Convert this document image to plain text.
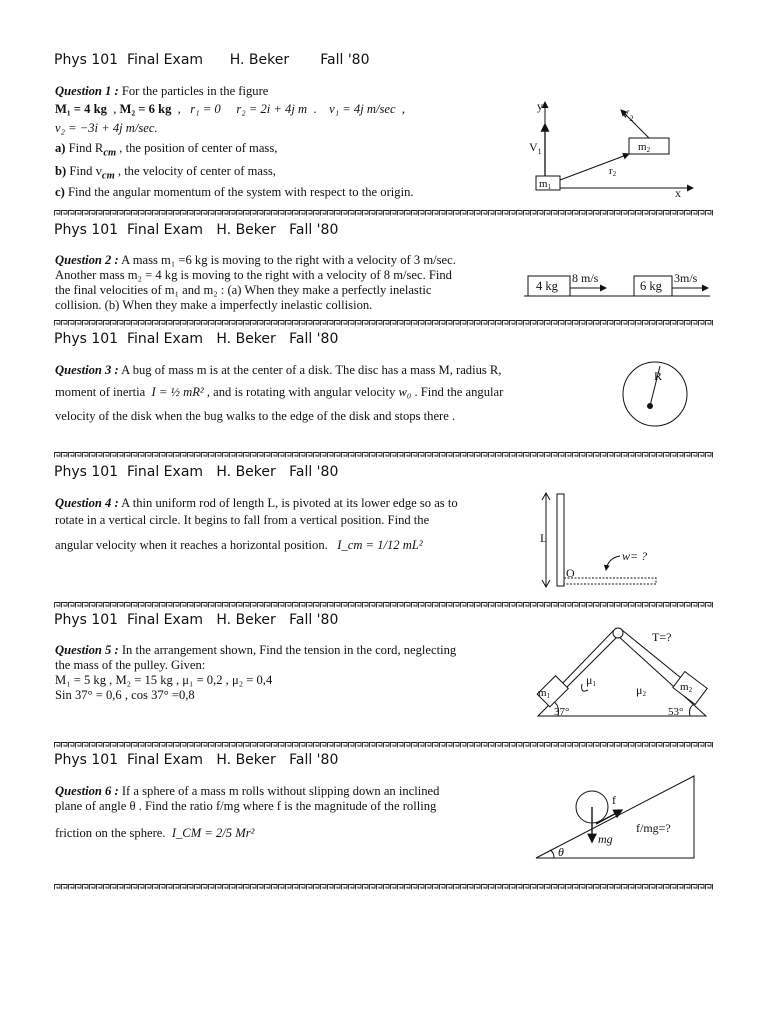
Phys 101  Final Exam      H. Beker       Fall '80
Question 1 : For the particles in the figure
M₁ = 4 kg  , M₂ = 6 kg  ,   r₁ = 0 r₂ = 2i + 4j m  .    v₁ = 4j m/sec  ,
v₂ = −3i + 4j m/sec.
a) Find $R_{cm}$ , the position of center of mass,
b) Find $v_{cm}$ , the velocity of center of mass,
c) Find the angular momentum of the system with respect to the origin.
y
x
$V_1$
m1
r2
m2
$V_2$
Phys 101  Final Exam   H. Beker   Fall '80
Question 2 : A mass m₁ =6 kg is moving to the right with a velocity of 3 m/sec.
Another mass m₂ = 4 kg is moving to the right with a velocity of 8 m/sec. Find
the final velocities of m₁ and m₂ : (a) When they make a perfectly inelastic
collision. (b) When they make a imperfectly inelastic collision.
4 kg
8 m/s
6 kg
3m/s
Phys 101  Final Exam   H. Beker   Fall '80
Question 3 : A bug of mass m is at the center of a disk. The disc has a mass M, radius R,
moment of inertia I = ½ mR² , and is rotating with angular velocity w₀ . Find the angular
velocity of the disk when the bug walks to the edge of the disk and stops there .
R
Phys 101  Final Exam   H. Beker   Fall '80
Question 4 : A thin uniform rod of length L, is pivoted at its lower edge so as to
rotate in a vertical circle. It begins to fall from a vertical position. Find the
angular velocity when it reaches a horizontal position. I_cm = 1/12 mL²	L
O
w= ?
Phys 101  Final Exam   H. Beker   Fall '80
Question 5 : In the arrangement shown, Find the tension in the cord, neglecting
the mass of the pulley. Given:
M₁ = 5 kg , M₂ = 15 kg , μ₁ = 0,2 , μ₂ = 0,4
Sin 37° = 0,6 , cos 37° =0,8	m1
m2
T=?
μ1	μ2
37°	53°
Phys 101  Final Exam   H. Beker   Fall '80
Question 6 : If a sphere of a mass m rolls without slipping down an inclined
plane of angle θ . Find the ratio f/mg where f is the magnitude of the rolling
friction on the sphere. I_CM = 2/5 Mr²	mg
f
f/mg=?
θ
